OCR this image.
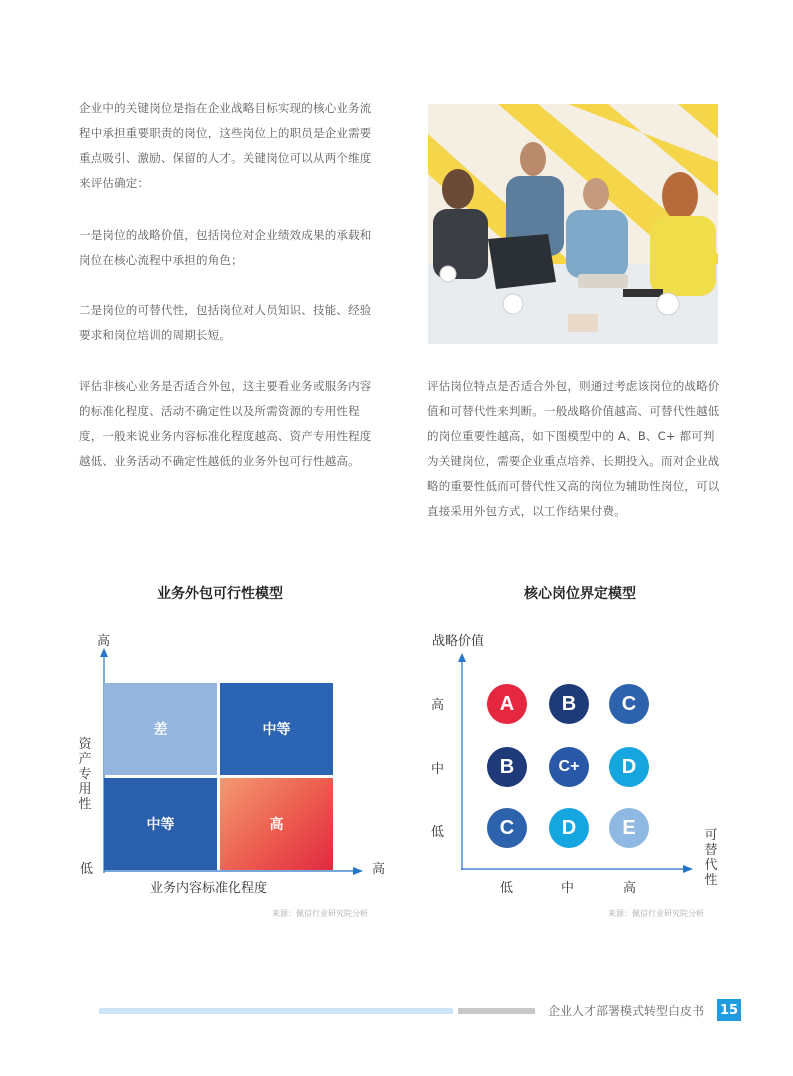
企业中的关键岗位是指在企业战略目标实现的核心业务流程中承担重要职责的岗位，这些岗位上的职员是企业需要重点吸引、激励、保留的人才。关键岗位可以从两个维度来评估确定：

一是岗位的战略价值，包括岗位对企业绩效成果的承载和岗位在核心流程中承担的角色；

二是岗位的可替代性，包括岗位对人员知识、技能、经验要求和岗位培训的周期长短。

评估非核心业务是否适合外包，这主要看业务或服务内容的标准化程度、活动不确定性以及所需资源的专用性程度，一般来说业务内容标准化程度越高、资产专用性程度越低、业务活动不确定性越低的业务外包可行性越高。

评估岗位特点是否适合外包，则通过考虑该岗位的战略价值和可替代性来判断。一般战略价值越高、可替代性越低的岗位重要性越高，如下图模型中的 A、B、C+ 都可判为关键岗位，需要企业重点培养、长期投入。而对企业战略的重要性低而可替代性又高的岗位为辅助性岗位，可以直接采用外包方式，以工作结果付费。

业务外包可行性模型
高
低	高
资
产
专
用
性
业务内容标准化程度
差	中等
中等	高
来源：佩信行业研究院分析
核心岗位界定模型
战略价值
可
替
代
性
高
中
低
低	中	高
A	B	C
B	C+	D
C	D	E
来源：佩信行业研究院分析
企业人才部署模式转型白皮书 15
